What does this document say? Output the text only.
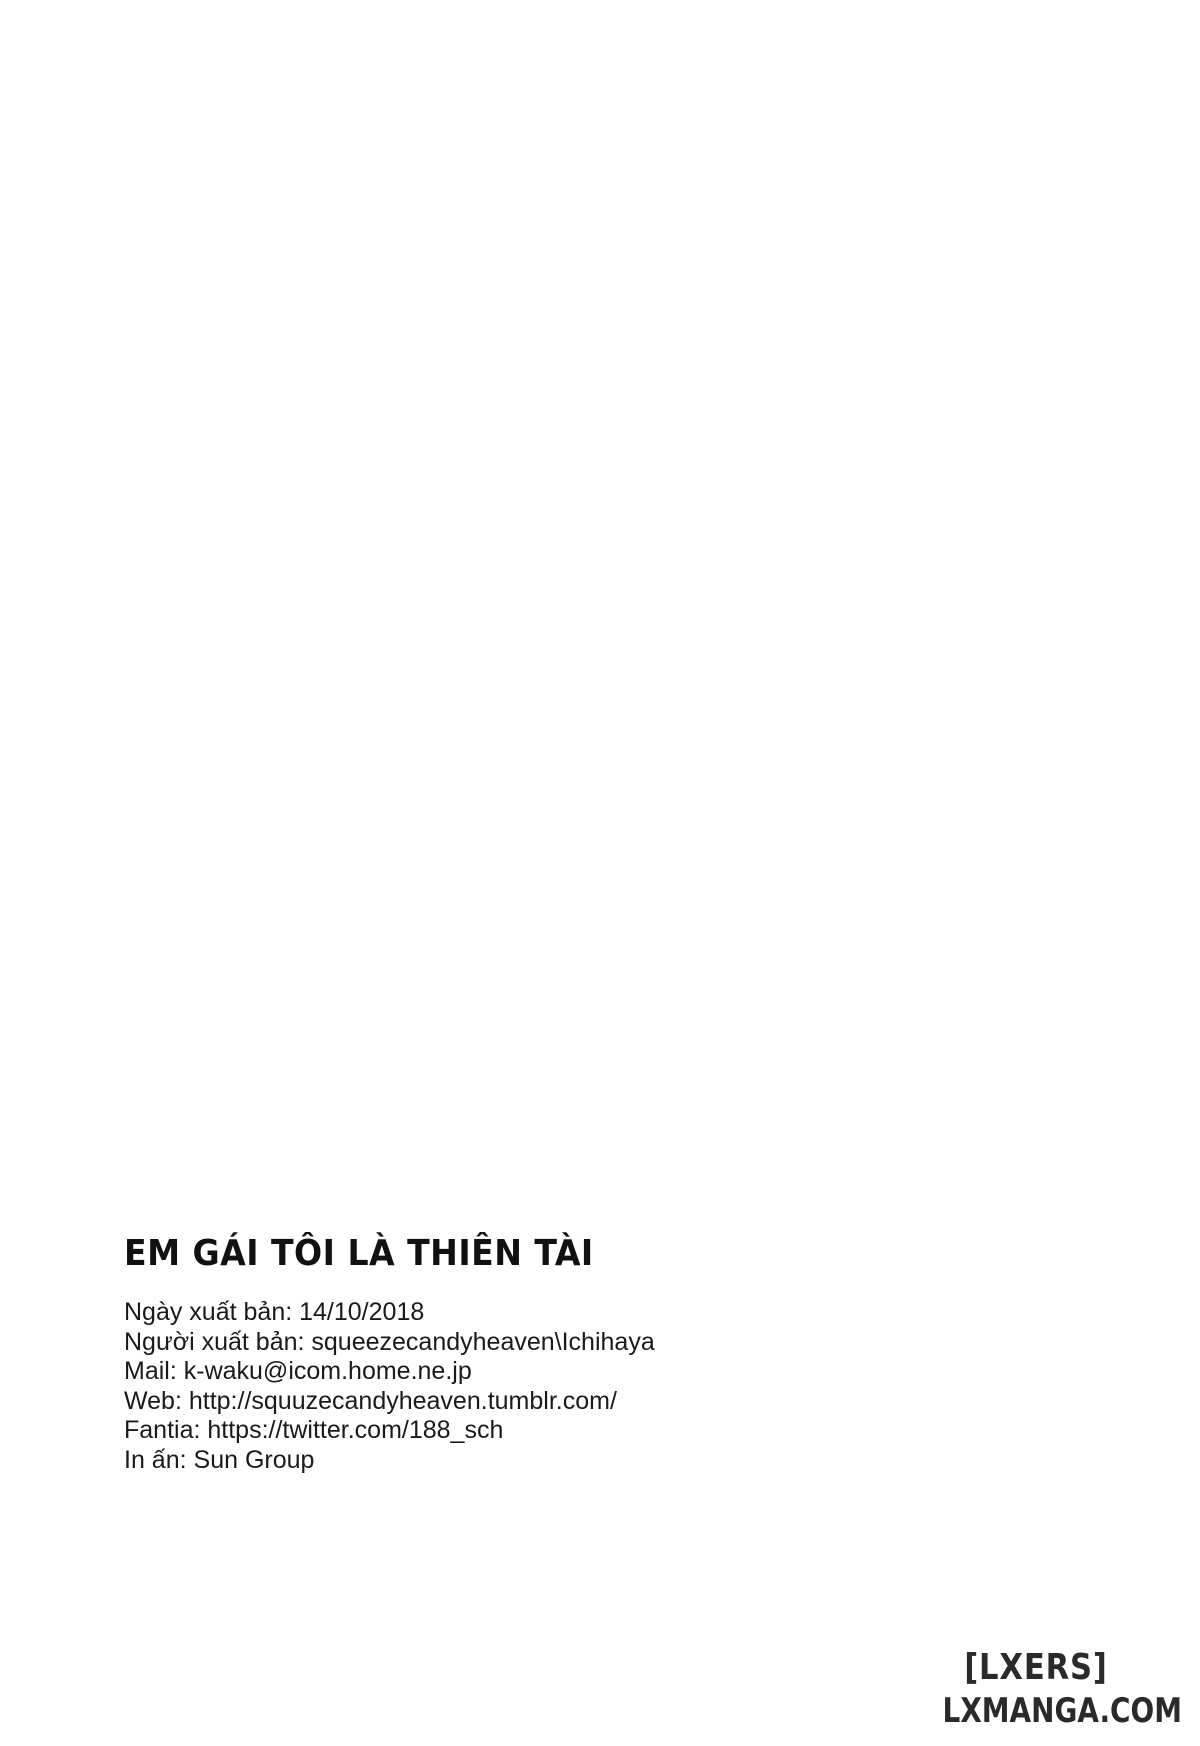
EM GÁI TÔI LÀ THIÊN TÀI
Ngày xuất bản: 14/10/2018
Người xuất bản: squeezecandyheaven\Ichihaya
Mail: k-waku@icom.home.ne.jp
Web: http://squuzecandyheaven.tumblr.com/
Fantia: https://twitter.com/188_sch
In ấn: Sun Group
[LXERS]
LXMANGA.COM
